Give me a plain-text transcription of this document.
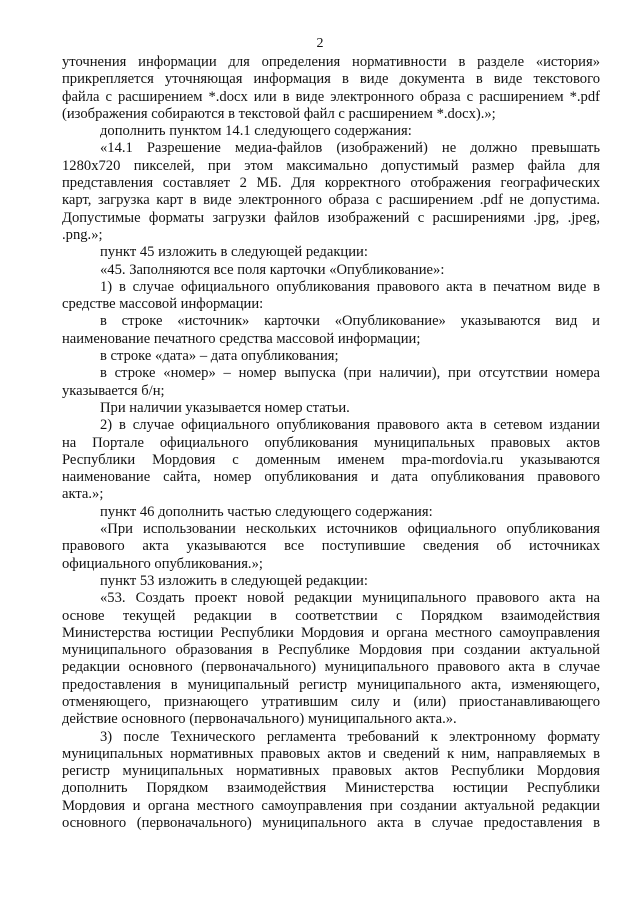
2
уточнения информации для определения нормативности в разделе «история»
прикрепляется уточняющая информация в виде документа в виде текстового
файла с расширением *.docx или в виде электронного образа с расширением *.pdf
(изображения собираются в текстовой файл с расширением *.docx).»;
дополнить пунктом 14.1 следующего содержания:
«14.1 Разрешение медиа-файлов (изображений) не должно превышать
1280x720 пикселей, при этом максимально допустимый размер файла для
представления составляет 2 МБ. Для корректного отображения географических
карт, загрузка карт в виде электронного образа с расширением .pdf не допустима.
Допустимые форматы загрузки файлов изображений с расширениями .jpg, .jpeg,
.png.»;
пункт 45 изложить в следующей редакции:
«45. Заполняются все поля карточки «Опубликование»:
1) в случае официального опубликования правового акта в печатном виде в
средстве массовой информации:
в строке «источник» карточки «Опубликование» указываются вид и
наименование печатного средства массовой информации;
в строке «дата» – дата опубликования;
в строке «номер» – номер выпуска (при наличии), при отсутствии номера
указывается б/н;
При наличии указывается номер статьи.
2) в случае официального опубликования правового акта в сетевом издании
на Портале официального опубликования муниципальных правовых актов
Республики Мордовия с доменным именем mpa-mordovia.ru указываются
наименование сайта, номер опубликования и дата опубликования правового
акта.»;
пункт 46 дополнить частью следующего содержания:
«При использовании нескольких источников официального опубликования
правового акта указываются все поступившие сведения об источниках
официального опубликования.»;
пункт 53 изложить в следующей редакции:
«53. Создать проект новой редакции муниципального правового акта на
основе текущей редакции в соответствии с Порядком взаимодействия
Министерства юстиции Республики Мордовия и органа местного самоуправления
муниципального образования в Республике Мордовия при создании актуальной
редакции основного (первоначального) муниципального правового акта в случае
предоставления в муниципальный регистр муниципального акта, изменяющего,
отменяющего, признающего утратившим силу и (или) приостанавливающего
действие основного (первоначального) муниципального акта.».
3) после Технического регламента требований к электронному формату
муниципальных нормативных правовых актов и сведений к ним, направляемых в
регистр муниципальных нормативных правовых актов Республики Мордовия
дополнить Порядком взаимодействия Министерства юстиции Республики
Мордовия и органа местного самоуправления при создании актуальной редакции
основного (первоначального) муниципального акта в случае предоставления в
